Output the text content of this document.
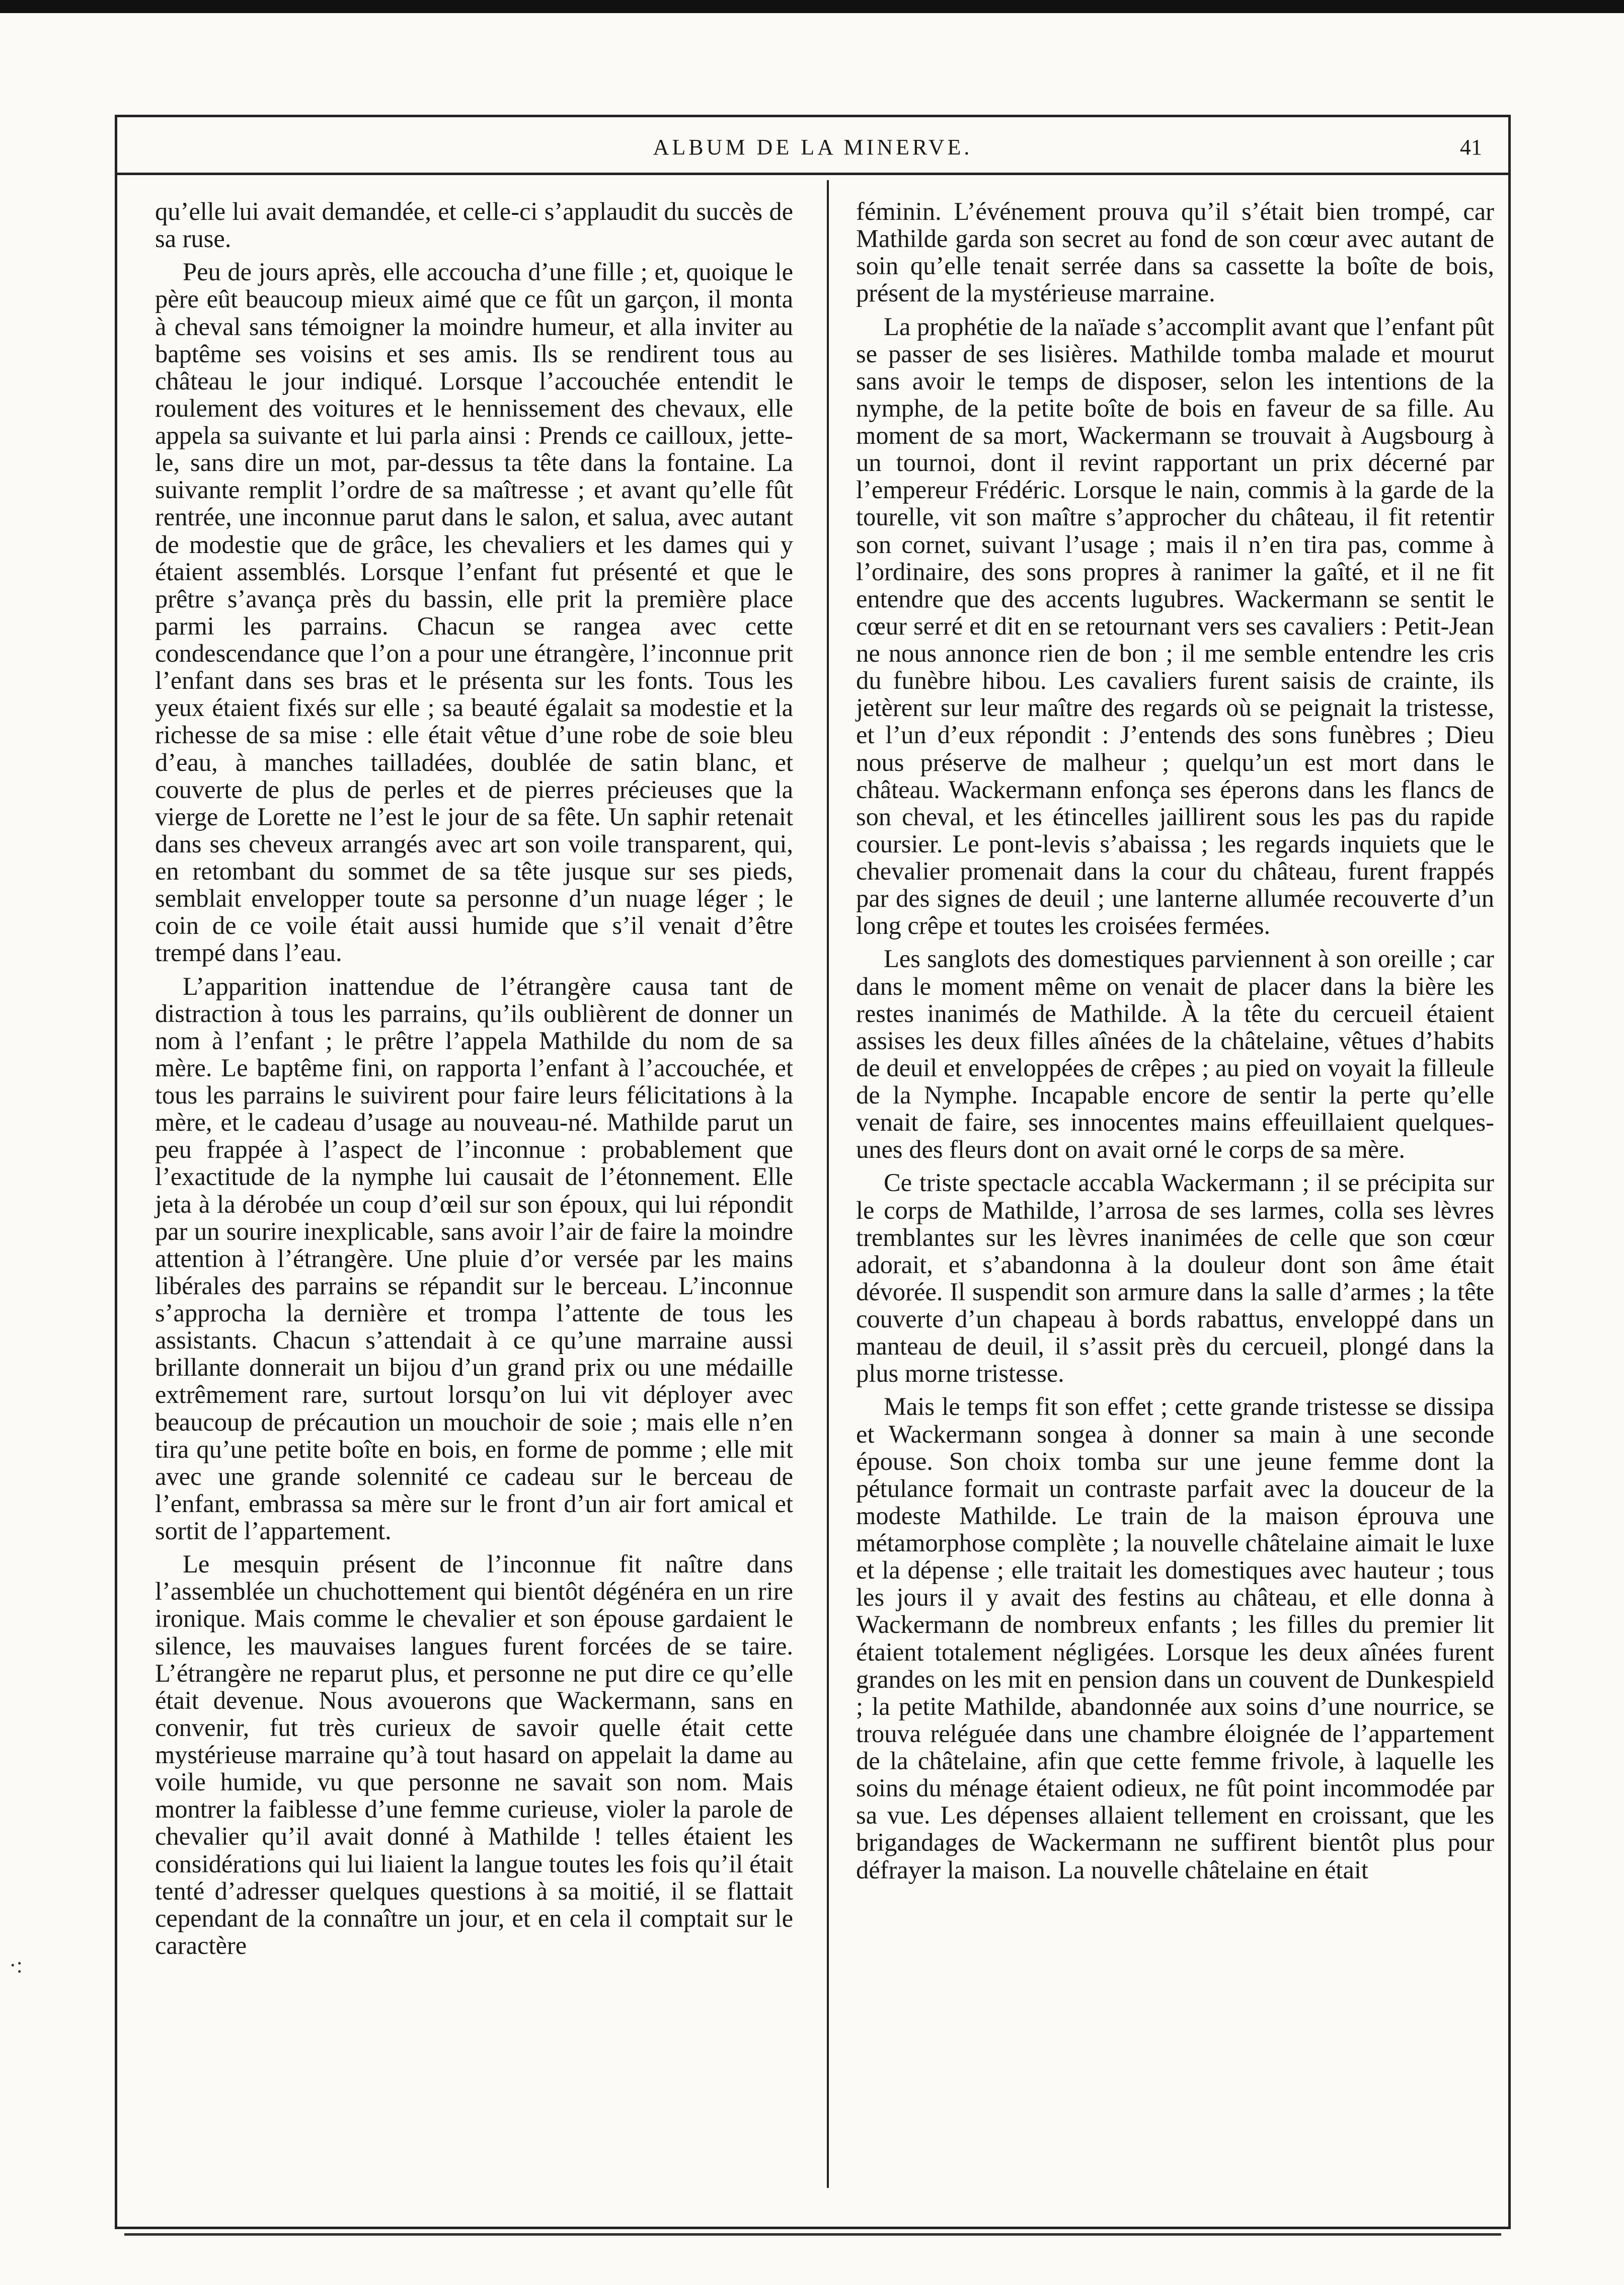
·:
ALBUM DE LA MINERVE.	41

qu’elle lui avait demandée, et celle-ci s’applaudit du succès de sa ruse.

Peu de jours après, elle accoucha d’une fille ; et, quoique le père eût beaucoup mieux aimé que ce fût un garçon, il monta à cheval sans témoigner la moindre humeur, et alla inviter au baptême ses voisins et ses amis. Ils se rendirent tous au château le jour indiqué. Lorsque l’accouchée entendit le roulement des voitures et le hennissement des chevaux, elle appela sa suivante et lui parla ainsi : Prends ce cailloux, jette-le, sans dire un mot, par-dessus ta tête dans la fontaine. La suivante remplit l’ordre de sa maîtresse ; et avant qu’elle fût rentrée, une inconnue parut dans le salon, et salua, avec autant de modestie que de grâce, les chevaliers et les dames qui y étaient assemblés. Lorsque l’enfant fut présenté et que le prêtre s’avança près du bassin, elle prit la première place parmi les parrains. Chacun se rangea avec cette condescendance que l’on a pour une étrangère, l’inconnue prit l’enfant dans ses bras et le présenta sur les fonts. Tous les yeux étaient fixés sur elle ; sa beauté égalait sa modestie et la richesse de sa mise : elle était vêtue d’une robe de soie bleu d’eau, à manches tailladées, doublée de satin blanc, et couverte de plus de perles et de pierres précieuses que la vierge de Lorette ne l’est le jour de sa fête. Un saphir retenait dans ses cheveux arrangés avec art son voile transparent, qui, en retombant du sommet de sa tête jusque sur ses pieds, semblait envelopper toute sa personne d’un nuage léger ; le coin de ce voile était aussi humide que s’il venait d’être trempé dans l’eau.

L’apparition inattendue de l’étrangère causa tant de distraction à tous les parrains, qu’ils oublièrent de donner un nom à l’enfant ; le prêtre l’appela Mathilde du nom de sa mère. Le baptême fini, on rapporta l’enfant à l’accouchée, et tous les parrains le suivirent pour faire leurs félicitations à la mère, et le cadeau d’usage au nouveau-né. Mathilde parut un peu frappée à l’aspect de l’inconnue : probablement que l’exactitude de la nymphe lui causait de l’étonnement. Elle jeta à la dérobée un coup d’œil sur son époux, qui lui répondit par un sourire inexplicable, sans avoir l’air de faire la moindre attention à l’étrangère. Une pluie d’or versée par les mains libérales des parrains se répandit sur le berceau. L’inconnue s’approcha la dernière et trompa l’attente de tous les assistants. Chacun s’attendait à ce qu’une marraine aussi brillante donnerait un bijou d’un grand prix ou une médaille extrêmement rare, surtout lorsqu’on lui vit déployer avec beaucoup de précaution un mouchoir de soie ; mais elle n’en tira qu’une petite boîte en bois, en forme de pomme ; elle mit avec une grande solennité ce cadeau sur le berceau de l’enfant, embrassa sa mère sur le front d’un air fort amical et sortit de l’appartement.

Le mesquin présent de l’inconnue fit naître dans l’assemblée un chuchottement qui bientôt dégénéra en un rire ironique. Mais comme le chevalier et son épouse gardaient le silence, les mauvaises langues furent forcées de se taire. L’étrangère ne reparut plus, et personne ne put dire ce qu’elle était devenue. Nous avouerons que Wackermann, sans en convenir, fut très curieux de savoir quelle était cette mystérieuse marraine qu’à tout hasard on appelait la dame au voile humide, vu que personne ne savait son nom. Mais montrer la faiblesse d’une femme curieuse, violer la parole de chevalier qu’il avait donné à Mathilde ! telles étaient les considérations qui lui liaient la langue toutes les fois qu’il était tenté d’adresser quelques questions à sa moitié, il se flattait cependant de la connaître un jour, et en cela il comptait sur le caractère

féminin. L’événement prouva qu’il s’était bien trompé, car Mathilde garda son secret au fond de son cœur avec autant de soin qu’elle tenait serrée dans sa cassette la boîte de bois, présent de la mystérieuse marraine.

La prophétie de la naïade s’accomplit avant que l’enfant pût se passer de ses lisières. Mathilde tomba malade et mourut sans avoir le temps de disposer, selon les intentions de la nymphe, de la petite boîte de bois en faveur de sa fille. Au moment de sa mort, Wackermann se trouvait à Augsbourg à un tournoi, dont il revint rapportant un prix décerné par l’empereur Frédéric. Lorsque le nain, commis à la garde de la tourelle, vit son maître s’approcher du château, il fit retentir son cornet, suivant l’usage ; mais il n’en tira pas, comme à l’ordinaire, des sons propres à ranimer la gaîté, et il ne fit entendre que des accents lugubres. Wackermann se sentit le cœur serré et dit en se retournant vers ses cavaliers : Petit-Jean ne nous annonce rien de bon ; il me semble entendre les cris du funèbre hibou. Les cavaliers furent saisis de crainte, ils jetèrent sur leur maître des regards où se peignait la tristesse, et l’un d’eux répondit : J’entends des sons funèbres ; Dieu nous préserve de malheur ; quelqu’un est mort dans le château. Wackermann enfonça ses éperons dans les flancs de son cheval, et les étincelles jaillirent sous les pas du rapide coursier. Le pont-levis s’abaissa ; les regards inquiets que le chevalier promenait dans la cour du château, furent frappés par des signes de deuil ; une lanterne allumée recouverte d’un long crêpe et toutes les croisées fermées.

Les sanglots des domestiques parviennent à son oreille ; car dans le moment même on venait de placer dans la bière les restes inanimés de Mathilde. À la tête du cercueil étaient assises les deux filles aînées de la châtelaine, vêtues d’habits de deuil et enveloppées de crêpes ; au pied on voyait la filleule de la Nymphe. Incapable encore de sentir la perte qu’elle venait de faire, ses innocentes mains effeuillaient quelques-unes des fleurs dont on avait orné le corps de sa mère.

Ce triste spectacle accabla Wackermann ; il se précipita sur le corps de Mathilde, l’arrosa de ses larmes, colla ses lèvres tremblantes sur les lèvres inanimées de celle que son cœur adorait, et s’abandonna à la douleur dont son âme était dévorée. Il suspendit son armure dans la salle d’armes ; la tête couverte d’un chapeau à bords rabattus, enveloppé dans un manteau de deuil, il s’assit près du cercueil, plongé dans la plus morne tristesse.

Mais le temps fit son effet ; cette grande tristesse se dissipa et Wackermann songea à donner sa main à une seconde épouse. Son choix tomba sur une jeune femme dont la pétulance formait un contraste parfait avec la douceur de la modeste Mathilde. Le train de la maison éprouva une métamorphose complète ; la nouvelle châtelaine aimait le luxe et la dépense ; elle traitait les domestiques avec hauteur ; tous les jours il y avait des festins au château, et elle donna à Wackermann de nombreux enfants ; les filles du premier lit étaient totalement négligées. Lorsque les deux aînées furent grandes on les mit en pension dans un couvent de Dunkespield ; la petite Mathilde, abandonnée aux soins d’une nourrice, se trouva reléguée dans une chambre éloignée de l’appartement de la châtelaine, afin que cette femme frivole, à laquelle les soins du ménage étaient odieux, ne fût point incommodée par sa vue. Les dépenses allaient tellement en croissant, que les brigandages de Wackermann ne suffirent bientôt plus pour défrayer la maison. La nouvelle châtelaine en était
